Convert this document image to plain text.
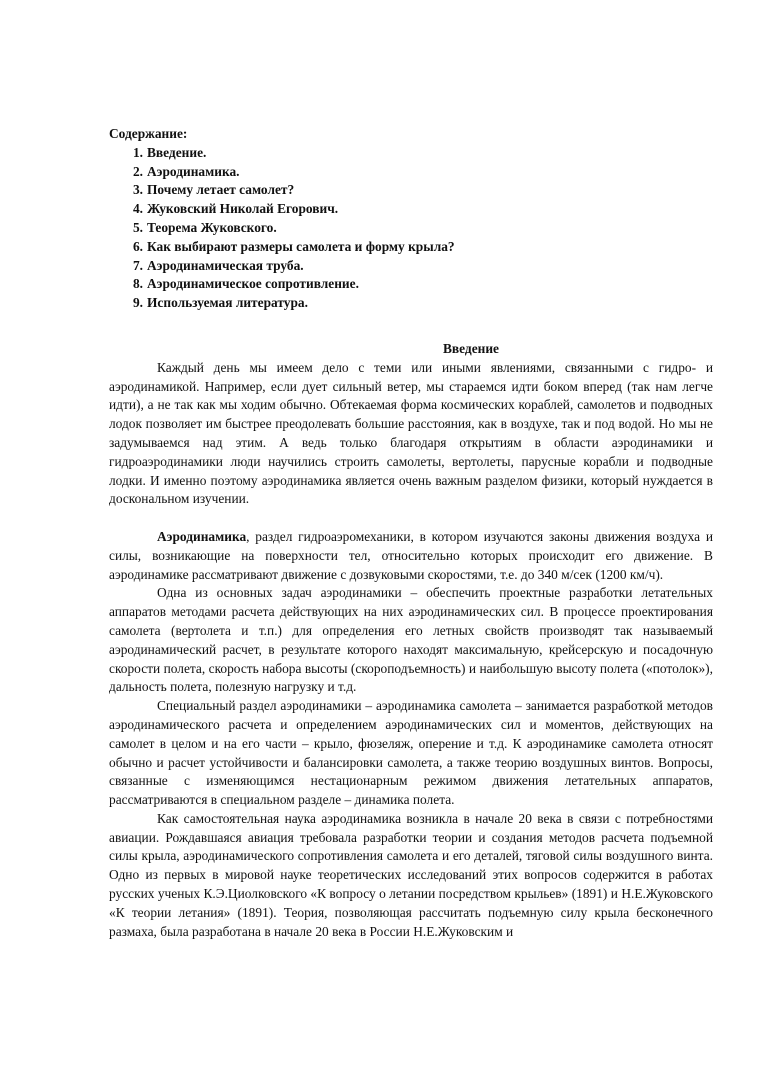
Содержание:
1. Введение.
2. Аэродинамика.
3. Почему летает самолет?
4. Жуковский Николай Егорович.
5. Теорема Жуковского.
6. Как выбирают размеры самолета и форму крыла?
7. Аэродинамическая труба.
8. Аэродинамическое сопротивление.
9. Используемая литература.
Введение

Каждый день мы имеем дело с теми или иными явлениями, связанными с гидро- и аэродинамикой. Например, если дует сильный ветер, мы стараемся идти боком вперед (так нам легче идти), а не так как мы ходим обычно. Обтекаемая форма космических кораблей, самолетов и подводных лодок позволяет им быстрее преодолевать большие расстояния, как в воздухе, так и под водой. Но мы не задумываемся над этим. А ведь только благодаря открытиям в области аэродинамики и гидроаэродинамики люди научились строить самолеты, вертолеты, парусные корабли и подводные лодки. И именно поэтому аэродинамика является очень важным разделом физики, который нуждается в доскональном изучении.

Аэродинамика, раздел гидроаэромеханики, в котором изучаются законы движения воздуха и силы, возникающие на поверхности тел, относительно которых происходит его движение. В аэродинамике рассматривают движение с дозвуковыми скоростями, т.е. до 340 м/сек (1200 км/ч).

Одна из основных задач аэродинамики – обеспечить проектные разработки летательных аппаратов методами расчета действующих на них аэродинамических сил. В процессе проектирования самолета (вертолета и т.п.) для определения его летных свойств производят так называемый аэродинамический расчет, в результате которого находят максимальную, крейсерскую и посадочную скорости полета, скорость набора высоты (скороподъемность) и наибольшую высоту полета («потолок»), дальность полета, полезную нагрузку и т.д.

Специальный раздел аэродинамики – аэродинамика самолета – занимается разработкой методов аэродинамического расчета и определением аэродинамических сил и моментов, действующих на самолет в целом и на его части – крыло, фюзеляж, оперение и т.д. К аэродинамике самолета относят обычно и расчет устойчивости и балансировки самолета, а также теорию воздушных винтов. Вопросы, связанные с изменяющимся нестационарным режимом движения летательных аппаратов, рассматриваются в специальном разделе – динамика полета.

Как самостоятельная наука аэродинамика возникла в начале 20 века в связи с потребностями авиации. Рождавшаяся авиация требовала разработки теории и создания методов расчета подъемной силы крыла, аэродинамического сопротивления самолета и его деталей, тяговой силы воздушного винта. Одно из первых в мировой науке теоретических исследований этих вопросов содержится в работах русских ученых К.Э.Циолковского «К вопросу о летании посредством крыльев» (1891) и Н.Е.Жуковского «К теории летания» (1891). Теория, позволяющая рассчитать подъемную силу крыла бесконечного размаха, была разработана в начале 20 века в России Н.Е.Жуковским и
